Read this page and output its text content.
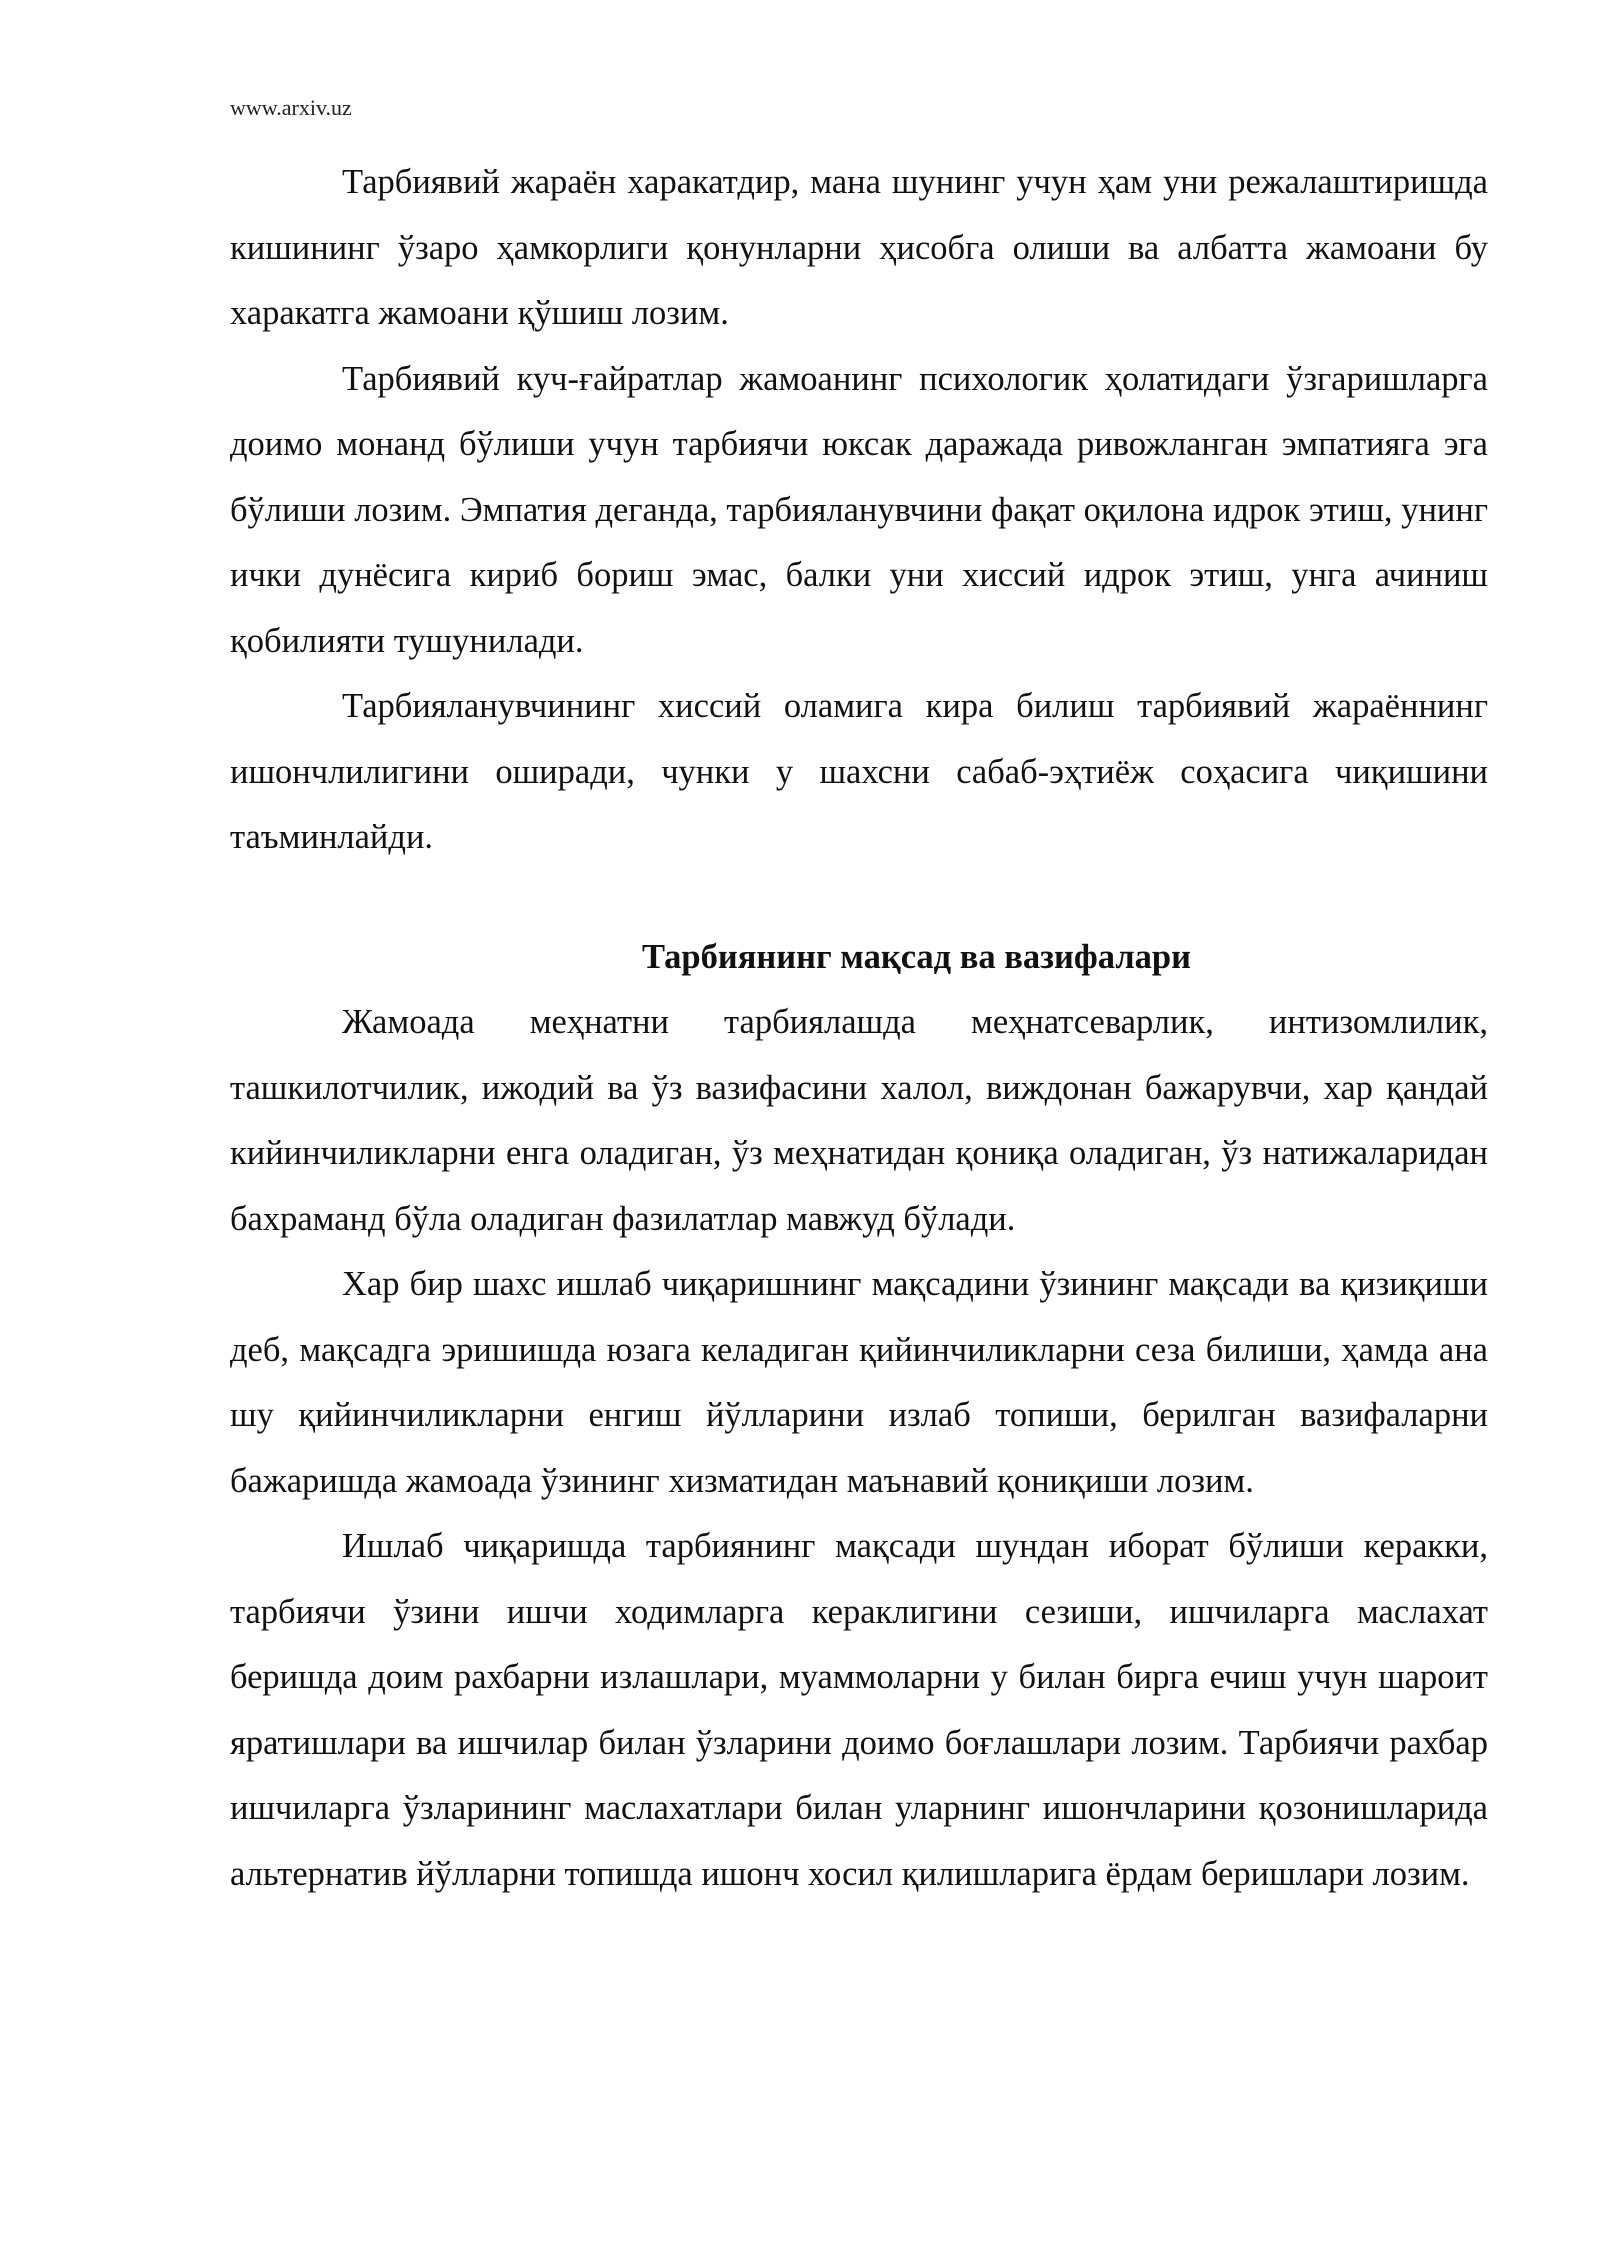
www.arxiv.uz

Тарбиявий жараён харакатдир, мана шунинг учун ҳам уни режалаштиришда кишининг ўзаро ҳамкорлиги қонунларни ҳисобга олиши ва албатта жамоани бу харакатга жамоани қўшиш лозим.

Тарбиявий куч-ғайратлар жамоанинг психологик ҳолатидаги ўзгаришларга доимо монанд бўлиши учун тарбиячи юксак даражада ривожланган эмпатияга эга бўлиши лозим. Эмпатия деганда, тарбияланувчини фақат оқилона идрок этиш, унинг ички дунёсига кириб бориш эмас, балки уни хиссий идрок этиш, унга ачиниш қобилияти тушунилади.

Тарбияланувчининг хиссий оламига кира билиш тарбиявий жараённинг ишончлилигини оширади, чунки у шахсни сабаб-эҳтиёж соҳасига чиқишини таъминлайди.

Тарбиянинг мақсад ва вазифалари

Жамоада меҳнатни тарбиялашда меҳнатсеварлик, интизомлилик, ташкилотчилик, ижодий ва ўз вазифасини халол, виждонан бажарувчи, хар қандай кийинчиликларни енга оладиган, ўз меҳнатидан қониқа оладиган, ўз натижаларидан бахраманд бўла оладиган фазилатлар мавжуд бўлади.

Хар бир шахс ишлаб чиқаришнинг мақсадини ўзининг мақсади ва қизиқиши деб, мақсадга эришишда юзага келадиган қийинчиликларни сеза билиши, ҳамда ана шу қийинчиликларни енгиш йўлларини излаб топиши, берилган вазифаларни бажаришда жамоада ўзининг хизматидан маънавий қониқиши лозим.

Ишлаб чиқаришда тарбиянинг мақсади шундан иборат бўлиши керакки, тарбиячи ўзини ишчи ходимларга кераклигини сезиши, ишчиларга маслахат беришда доим рахбарни излашлари, муаммоларни у билан бирга ечиш учун шароит яратишлари ва ишчилар билан ўзларини доимо боғлашлари лозим. Тарбиячи рахбар ишчиларга ўзларининг маслахатлари билан уларнинг ишончларини қозонишларида альтернатив йўлларни топишда ишонч хосил қилишларига ёрдам беришлари лозим.
